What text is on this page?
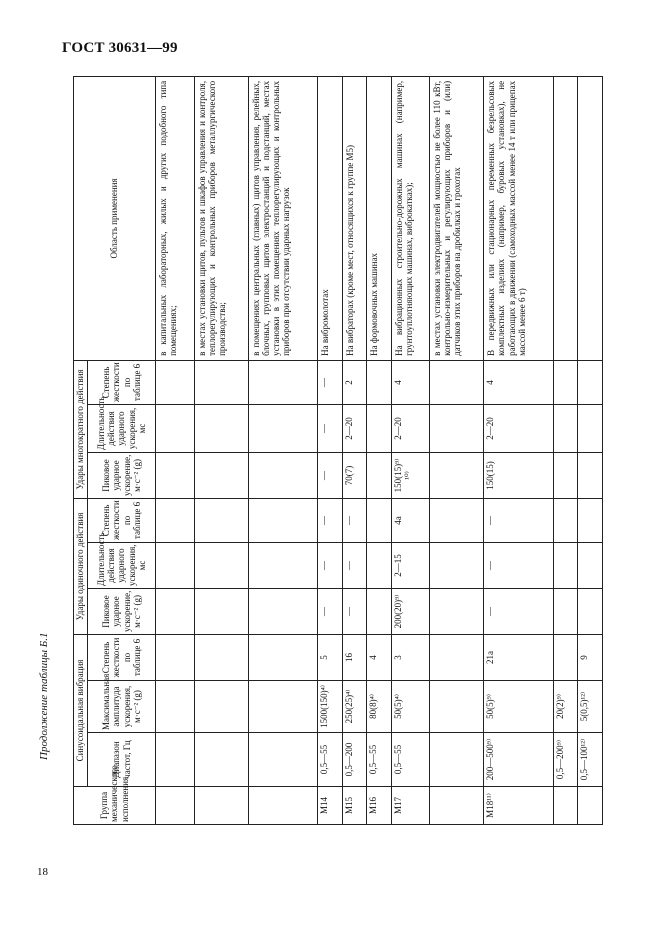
ГОСТ 30631—99
18
Продолжение таблицы Б.1
Группа механического исполнения	Синусоидальная вибрация			Удары одиночного действия			Удары многократного действия			Область применения
	Диапазон частот, Гц	Максимальная амплитуда ускорения, м·с⁻² (g)	Степень жесткости по таблице 6	Пиковое ударное ускорение, м·с⁻² (g)	Длительность действия ударного ускорения, мс	Степень жесткости по таблице 6	Пиковое ударное ускорение, м·с⁻² (g)	Длительность действия ударного ускорения, мс	Степень жесткости по таблице 6	
										в капитальных лабораторных, жилых и других подобного типа помещениях;
										в местах установки щитов, пультов и шкафов управления и контроля, теплорегулирующих и контрольных приборов металлургического производства;
										в помещениях центральных (главных) щитов управления, релейных, блочных, групповых щитов электростанций и подстанций, местах установки в этих помещениях теплорегулирующих и контрольных приборов при отсутствии ударных нагрузок
М14	0,5—55	1500(150)⁴⁾	5	—	—	—	—	—	—	На вибромолотах
М15	0,5—200	250(25)⁴⁾	16	—	—	—	70(7)	2—20	2	На вибраторах (кроме мест, относящихся к группе М5)
М16	0,5—55	80(8)⁴⁾	4							На формовочных машинах
М17	0,5—55	50(5)⁴⁾	3	200(20)⁹⁾	2—15	4а	150(15)⁹⁾ ¹⁰⁾	2—20	4	На вибрационных строительно-дорожных машинах (например, грунтоуплотняющих машинах, виброкатках);
										в местах установки электродвигателей мощностью не более 110 кВт, контрольно-измерительных и регулирующих приборов и (или) датчиков этих приборов на дробилках и грохотах
М18¹¹⁾	200—500⁹⁾	50(5)⁹⁾	21а	—	—	—	150(15)	2—20	4	В передвижных или стационарных переменных безрельсовых комплектных изделиях (например, буровых установках), не работающих в движении (самоходных массой менее 14 т или прицепах массой менее 6 т)
	0,5—200⁹⁾	20(2)⁹⁾								
	0,5—100¹²⁾	5(0,5)¹²⁾	9							
